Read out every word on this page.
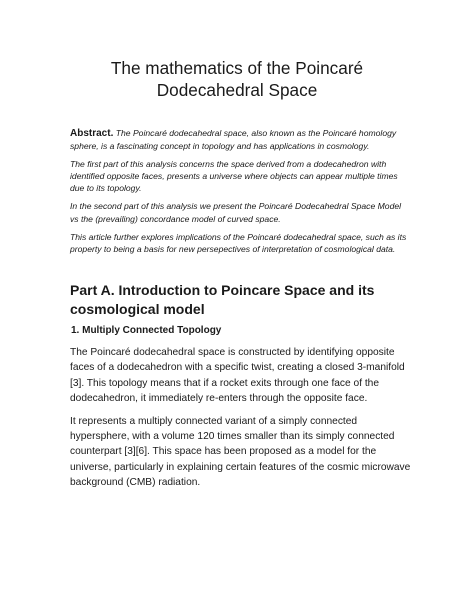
The mathematics of the Poincaré Dodecahedral Space

Abstract. The Poincaré dodecahedral space, also known as the Poincaré homology sphere, is a fascinating concept in topology and has applications in cosmology.

The first part of this analysis concerns the space derived from a dodecahedron with identified opposite faces, presents a universe where objects can appear multiple times due to its topology.

In the second part of this analysis we present the Poincaré Dodecahedral Space Model vs the (prevailing) concordance model of curved space.

This article further explores implications of the Poincaré dodecahedral space, such as its property to being a basis for new persepectives of interpretation of cosmological data.

Part A. Introduction to Poincare Space and its cosmological model
1. Multiply Connected Topology

The Poincaré dodecahedral space is constructed by identifying opposite faces of a dodecahedron with a specific twist, creating a closed 3-manifold [3]. This topology means that if a rocket exits through one face of the dodecahedron, it immediately re-enters through the opposite face.

It represents a multiply connected variant of a simply connected hypersphere, with a volume 120 times smaller than its simply connected counterpart [3][6]. This space has been proposed as a model for the universe, particularly in explaining certain features of the cosmic microwave background (CMB) radiation.
